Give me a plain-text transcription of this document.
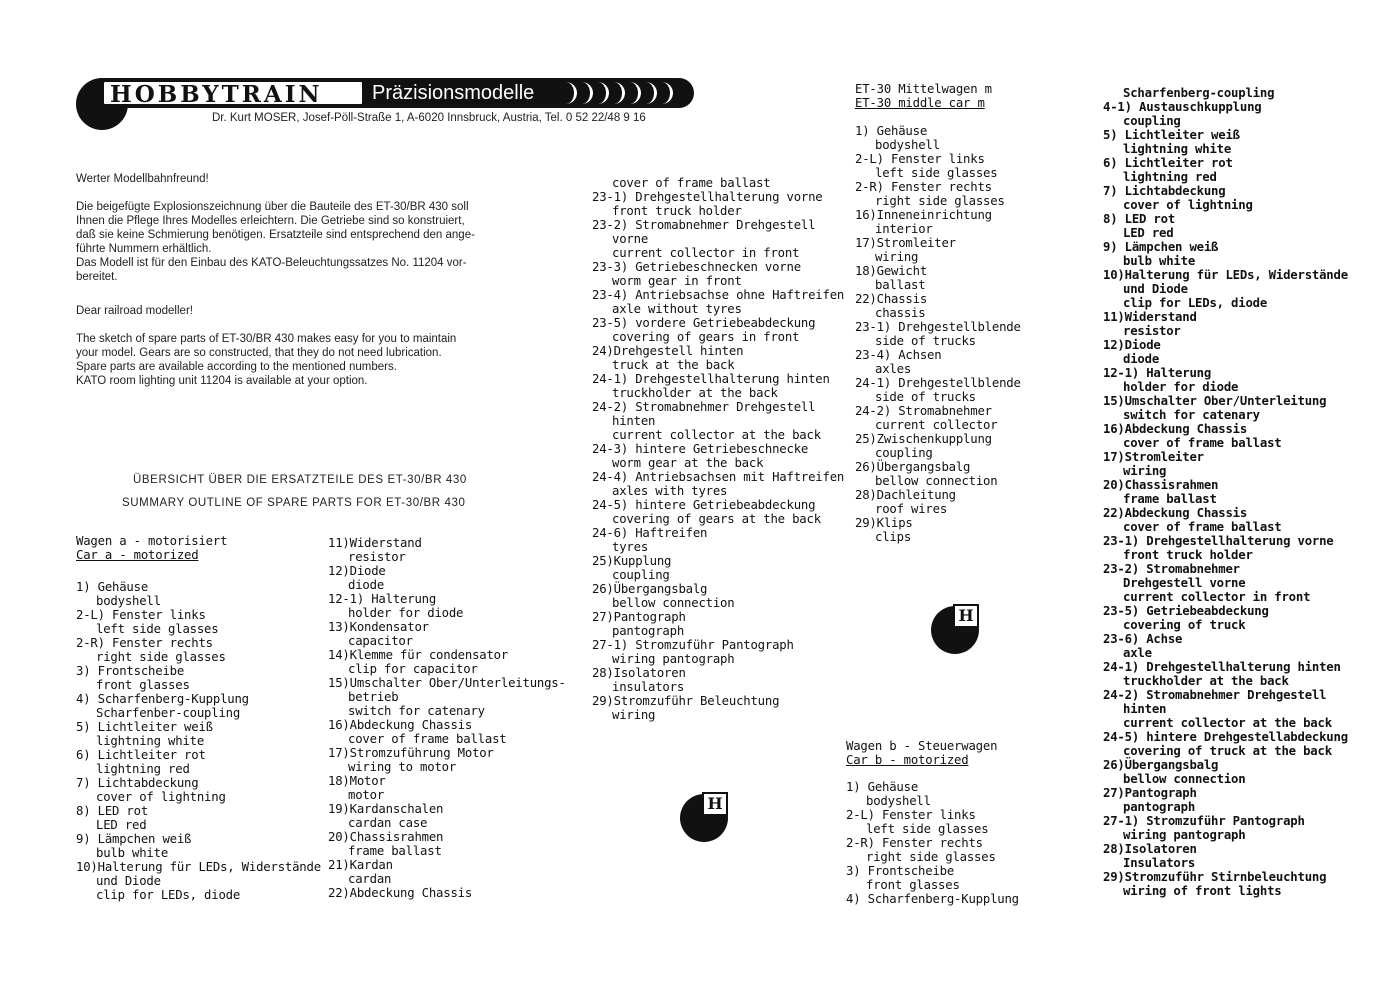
HOBBYTRAIN Präzisionsmodelle
Dr. Kurt MOSER, Josef-Pöll-Straße 1, A-6020 Innsbruck, Austria, Tel. 0 52 22/48 9 16

Werter Modellbahnfreund!

Die beigefügte Explosionszeichnung über die Bauteile des ET-30/BR 430 soll
Ihnen die Pflege Ihres Modelles erleichtern. Die Getriebe sind so konstruiert,
daß sie keine Schmierung benötigen. Ersatzteile sind entsprechend den ange-
führte Nummern erhältlich.
Das Modell ist für den Einbau des KATO-Beleuchtungssatzes No. 11204 vor-
bereitet.

Dear railroad modeller!

The sketch of spare parts of ET-30/BR 430 makes easy for you to maintain
your model. Gears are so constructed, that they do not need lubrication.
Spare parts are available according to the mentioned numbers.
KATO room lighting unit 11204 is available at your option.
ÜBERSICHT ÜBER DIE ERSATZTEILE DES ET-30/BR 430
SUMMARY OUTLINE OF SPARE PARTS FOR ET-30/BR 430
Wagen a - motorisiert
Car a - motorized
1) Gehäuse
bodyshell
2-L) Fenster links
left side glasses
2-R) Fenster rechts
right side glasses
3) Frontscheibe
front glasses
4) Scharfenberg-Kupplung
Scharfenber-coupling
5) Lichtleiter weiß
lightning white
6) Lichtleiter rot
lightning red
7) Lichtabdeckung
cover of lightning
8) LED rot
LED red
9) Lämpchen weiß
bulb white
10)Halterung für LEDs, Widerstände
und Diode
clip for LEDs, diode
11)Widerstand
resistor
12)Diode
diode
12-1) Halterung
holder for diode
13)Kondensator
capacitor
14)Klemme für condensator
clip for capacitor
15)Umschalter Ober/Unterleitungs-
betrieb
switch for catenary
16)Abdeckung Chassis
cover of frame ballast
17)Stromzuführung Motor
wiring to motor
18)Motor
motor
19)Kardanschalen
cardan case
20)Chassisrahmen
frame ballast
21)Kardan
cardan
22)Abdeckung Chassis
cover of frame ballast
23-1) Drehgestellhalterung vorne
front truck holder
23-2) Stromabnehmer Drehgestell
vorne
current collector in front
23-3) Getriebeschnecken vorne
worm gear in front
23-4) Antriebsachse ohne Haftreifen
axle without tyres
23-5) vordere Getriebeabdeckung
covering of gears in front
24)Drehgestell hinten
truck at the back
24-1) Drehgestellhalterung hinten
truckholder at the back
24-2) Stromabnehmer Drehgestell
hinten
current collector at the back
24-3) hintere Getriebeschnecke
worm gear at the back
24-4) Antriebsachsen mit Haftreifen
axles with tyres
24-5) hintere Getriebeabdeckung
covering of gears at the back
24-6) Haftreifen
tyres
25)Kupplung
coupling
26)Übergangsbalg
bellow connection
27)Pantograph
pantograph
27-1) Stromzuführ Pantograph
wiring pantograph
28)Isolatoren
insulators
29)Stromzuführ Beleuchtung
wiring
ET-30 Mittelwagen m
ET-30 middle car m
1) Gehäuse
bodyshell
2-L) Fenster links
left side glasses
2-R) Fenster rechts
right side glasses
16)Inneneinrichtung
interior
17)Stromleiter
wiring
18)Gewicht
ballast
22)Chassis
chassis
23-1) Drehgestellblende
side of trucks
23-4) Achsen
axles
24-1) Drehgestellblende
side of trucks
24-2) Stromabnehmer
current collector
25)Zwischenkupplung
coupling
26)Übergangsbalg
bellow connection
28)Dachleitung
roof wires
29)Klips
clips
Wagen b - Steuerwagen
Car b - motorized
1) Gehäuse
bodyshell
2-L) Fenster links
left side glasses
2-R) Fenster rechts
right side glasses
3) Frontscheibe
front glasses
4) Scharfenberg-Kupplung
Scharfenberg-coupling
4-1) Austauschkupplung
coupling
5) Lichtleiter weiß
lightning white
6) Lichtleiter rot
lightning red
7) Lichtabdeckung
cover of lightning
8) LED rot
LED red
9) Lämpchen weiß
bulb white
10)Halterung für LEDs, Widerstände
und Diode
clip for LEDs, diode
11)Widerstand
resistor
12)Diode
diode
12-1) Halterung
holder for diode
15)Umschalter Ober/Unterleitung
switch for catenary
16)Abdeckung Chassis
cover of frame ballast
17)Stromleiter
wiring
20)Chassisrahmen
frame ballast
22)Abdeckung Chassis
cover of frame ballast
23-1) Drehgestellhalterung vorne
front truck holder
23-2) Stromabnehmer
Drehgestell vorne
current collector in front
23-5) Getriebeabdeckung
covering of truck
23-6) Achse
axle
24-1) Drehgestellhalterung hinten
truckholder at the back
24-2) Stromabnehmer Drehgestell
hinten
current collector at the back
24-5) hintere Drehgestellabdeckung
covering of truck at the back
26)Übergangsbalg
bellow connection
27)Pantograph
pantograph
27-1) Stromzuführ Pantograph
wiring pantograph
28)Isolatoren
Insulators
29)Stromzuführ Stirnbeleuchtung
wiring of front lights
H
H
